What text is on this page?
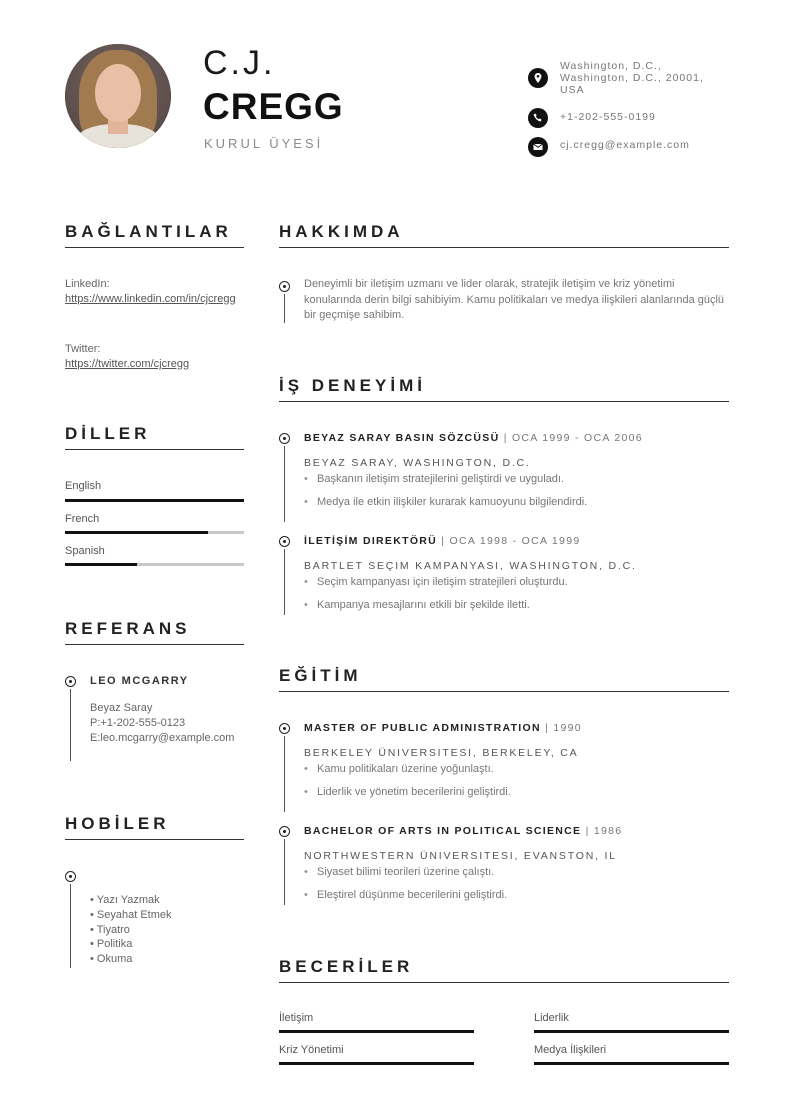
C.J.
CREGG
KURUL ÜYESİ
Washington, D.C., Washington, D.C., 20001, USA
+1-202-555-0199
cj.cregg@example.com
BAĞLANTILAR
LinkedIn:
https://www.linkedin.com/in/cjcregg
Twitter:
https://twitter.com/cjcregg
DİLLER
English
French
Spanish
REFERANS
LEO MCGARRY
Beyaz Saray
P:+1-202-555-0123
E:leo.mcgarry@example.com
HOBİLER
• Yazı Yazmak
• Seyahat Etmek
• Tiyatro
• Politika
• Okuma
HAKKIMDA
Deneyimli bir iletişim uzmanı ve lider olarak, stratejik iletişim ve kriz yönetimi konularında derin bilgi sahibiyim. Kamu politikaları ve medya ilişkileri alanlarında güçlü bir geçmişe sahibim.
İŞ DENEYİMİ
BEYAZ SARAY BASIN SÖZCÜSÜ | OCA 1999 - OCA 2006
BEYAZ SARAY, WASHINGTON, D.C.
• Başkanın iletişim stratejilerini geliştirdi ve uyguladı.
• Medya ile etkin ilişkiler kurarak kamuoyunu bilgilendirdi.
İLETİŞİM DIREKTÖRÜ | OCA 1998 - OCA 1999
BARTLET SEÇIM KAMPANYASI, WASHINGTON, D.C.
• Seçim kampanyası için iletişim stratejileri oluşturdu.
• Kampanya mesajlarını etkili bir şekilde iletti.
EĞİTİM
MASTER OF PUBLIC ADMINISTRATION | 1990
BERKELEY ÜNIVERSITESI, BERKELEY, CA
• Kamu politikaları üzerine yoğunlaştı.
• Liderlik ve yönetim becerilerini geliştirdi.
BACHELOR OF ARTS IN POLITICAL SCIENCE | 1986
NORTHWESTERN ÜNIVERSITESI, EVANSTON, IL
• Siyaset bilimi teorileri üzerine çalıştı.
• Eleştirel düşünme becerilerini geliştirdi.
BECERİLER
İletişim	Liderlik
Kriz Yönetimi	Medya İlişkileri
